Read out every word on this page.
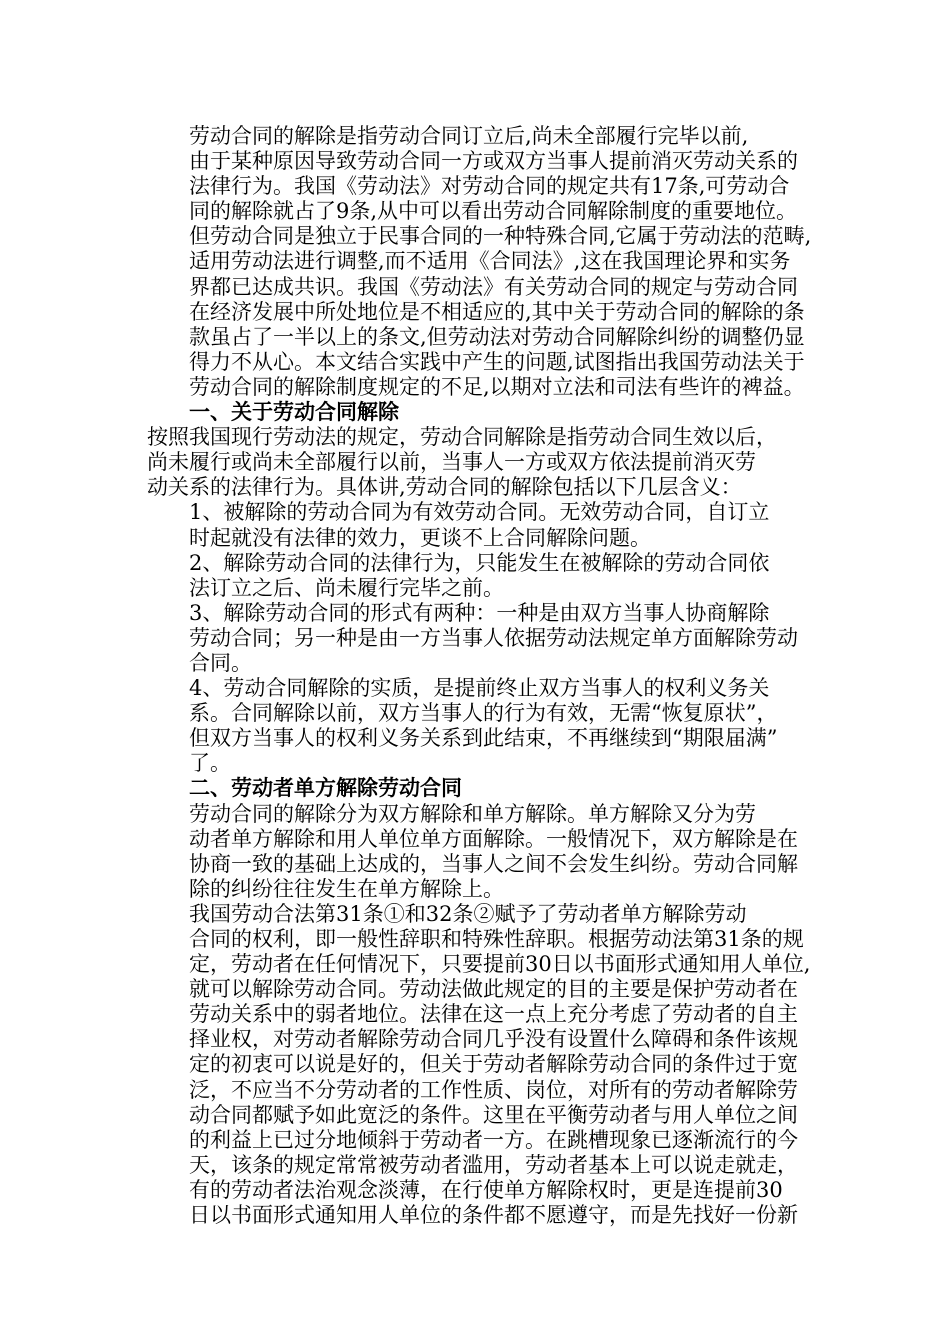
劳动合同的解除是指劳动合同订立后,尚未全部履行完毕以前,
由于某种原因导致劳动合同一方或双方当事人提前消灭劳动关系的
法律行为。我国《劳动法》对劳动合同的规定共有17条,可劳动合
同的解除就占了9条,从中可以看出劳动合同解除制度的重要地位。
但劳动合同是独立于民事合同的一种特殊合同,它属于劳动法的范畴,
适用劳动法进行调整,而不适用《合同法》,这在我国理论界和实务
界都已达成共识。我国《劳动法》有关劳动合同的规定与劳动合同
在经济发展中所处地位是不相适应的,其中关于劳动合同的解除的条
款虽占了一半以上的条文,但劳动法对劳动合同解除纠纷的调整仍显
得力不从心。本文结合实践中产生的问题,试图指出我国劳动法关于
劳动合同的解除制度规定的不足,以期对立法和司法有些许的裨益。
一、关于劳动合同解除
按照我国现行劳动法的规定，劳动合同解除是指劳动合同生效以后，
尚未履行或尚未全部履行以前，当事人一方或双方依法提前消灭劳
动关系的法律行为。具体讲,劳动合同的解除包括以下几层含义：
1、被解除的劳动合同为有效劳动合同。无效劳动合同，自订立
时起就没有法律的效力，更谈不上合同解除问题。
2、解除劳动合同的法律行为，只能发生在被解除的劳动合同依
法订立之后、尚未履行完毕之前。
3、解除劳动合同的形式有两种：一种是由双方当事人协商解除
劳动合同；另一种是由一方当事人依据劳动法规定单方面解除劳动
合同。
4、劳动合同解除的实质，是提前终止双方当事人的权利义务关
系。合同解除以前，双方当事人的行为有效，无需“恢复原状”，
但双方当事人的权利义务关系到此结束，不再继续到“期限届满”
了。
二、劳动者单方解除劳动合同
劳动合同的解除分为双方解除和单方解除。单方解除又分为劳
动者单方解除和用人单位单方面解除。一般情况下，双方解除是在
协商一致的基础上达成的，当事人之间不会发生纠纷。劳动合同解
除的纠纷往往发生在单方解除上。
我国劳动合法第31条①和32条②赋予了劳动者单方解除劳动
合同的权利，即一般性辞职和特殊性辞职。根据劳动法第31条的规
定，劳动者在任何情况下，只要提前30日以书面形式通知用人单位,
就可以解除劳动合同。劳动法做此规定的目的主要是保护劳动者在
劳动关系中的弱者地位。法律在这一点上充分考虑了劳动者的自主
择业权，对劳动者解除劳动合同几乎没有设置什么障碍和条件该规
定的初衷可以说是好的，但关于劳动者解除劳动合同的条件过于宽
泛，不应当不分劳动者的工作性质、岗位，对所有的劳动者解除劳
动合同都赋予如此宽泛的条件。这里在平衡劳动者与用人单位之间
的利益上已过分地倾斜于劳动者一方。在跳槽现象已逐渐流行的今
天，该条的规定常常被劳动者滥用，劳动者基本上可以说走就走，
有的劳动者法治观念淡薄，在行使单方解除权时，更是连提前30
日以书面形式通知用人单位的条件都不愿遵守，而是先找好一份新
